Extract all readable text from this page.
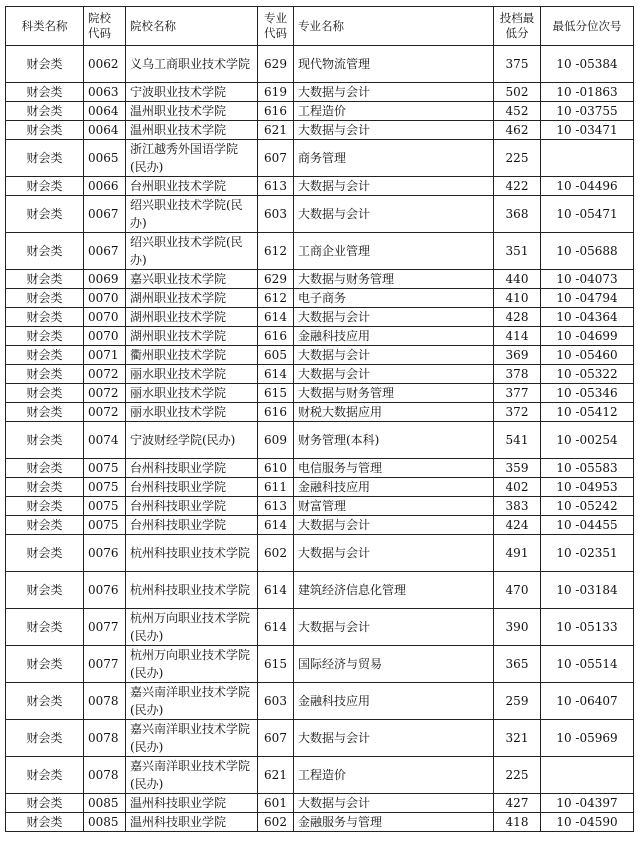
科类名称	院校代码	院校名称	专业代码	专业名称	投档最低分	最低分位次号
财会类	0062	义乌工商职业技术学院	629	现代物流管理	375	10 -05384
财会类	0063	宁波职业技术学院	619	大数据与会计	502	10 -01863
财会类	0064	温州职业技术学院	616	工程造价	452	10 -03755
财会类	0064	温州职业技术学院	621	大数据与会计	462	10 -03471
财会类	0065	浙江越秀外国语学院(民办)	607	商务管理	225	
财会类	0066	台州职业技术学院	613	大数据与会计	422	10 -04496
财会类	0067	绍兴职业技术学院(民办)	603	大数据与会计	368	10 -05471
财会类	0067	绍兴职业技术学院(民办)	612	工商企业管理	351	10 -05688
财会类	0069	嘉兴职业技术学院	629	大数据与财务管理	440	10 -04073
财会类	0070	湖州职业技术学院	612	电子商务	410	10 -04794
财会类	0070	湖州职业技术学院	614	大数据与会计	428	10 -04364
财会类	0070	湖州职业技术学院	616	金融科技应用	414	10 -04699
财会类	0071	衢州职业技术学院	605	大数据与会计	369	10 -05460
财会类	0072	丽水职业技术学院	614	大数据与会计	378	10 -05322
财会类	0072	丽水职业技术学院	615	大数据与财务管理	377	10 -05346
财会类	0072	丽水职业技术学院	616	财税大数据应用	372	10 -05412
财会类	0074	宁波财经学院(民办)	609	财务管理(本科)	541	10 -00254
财会类	0075	台州科技职业学院	610	电信服务与管理	359	10 -05583
财会类	0075	台州科技职业学院	611	金融科技应用	402	10 -04953
财会类	0075	台州科技职业学院	613	财富管理	383	10 -05242
财会类	0075	台州科技职业学院	614	大数据与会计	424	10 -04455
财会类	0076	杭州科技职业技术学院	602	大数据与会计	491	10 -02351
财会类	0076	杭州科技职业技术学院	614	建筑经济信息化管理	470	10 -03184
财会类	0077	杭州万向职业技术学院(民办)	614	大数据与会计	390	10 -05133
财会类	0077	杭州万向职业技术学院(民办)	615	国际经济与贸易	365	10 -05514
财会类	0078	嘉兴南洋职业技术学院(民办)	603	金融科技应用	259	10 -06407
财会类	0078	嘉兴南洋职业技术学院(民办)	607	大数据与会计	321	10 -05969
财会类	0078	嘉兴南洋职业技术学院(民办)	621	工程造价	225	
财会类	0085	温州科技职业学院	601	大数据与会计	427	10 -04397
财会类	0085	温州科技职业学院	602	金融服务与管理	418	10 -04590
